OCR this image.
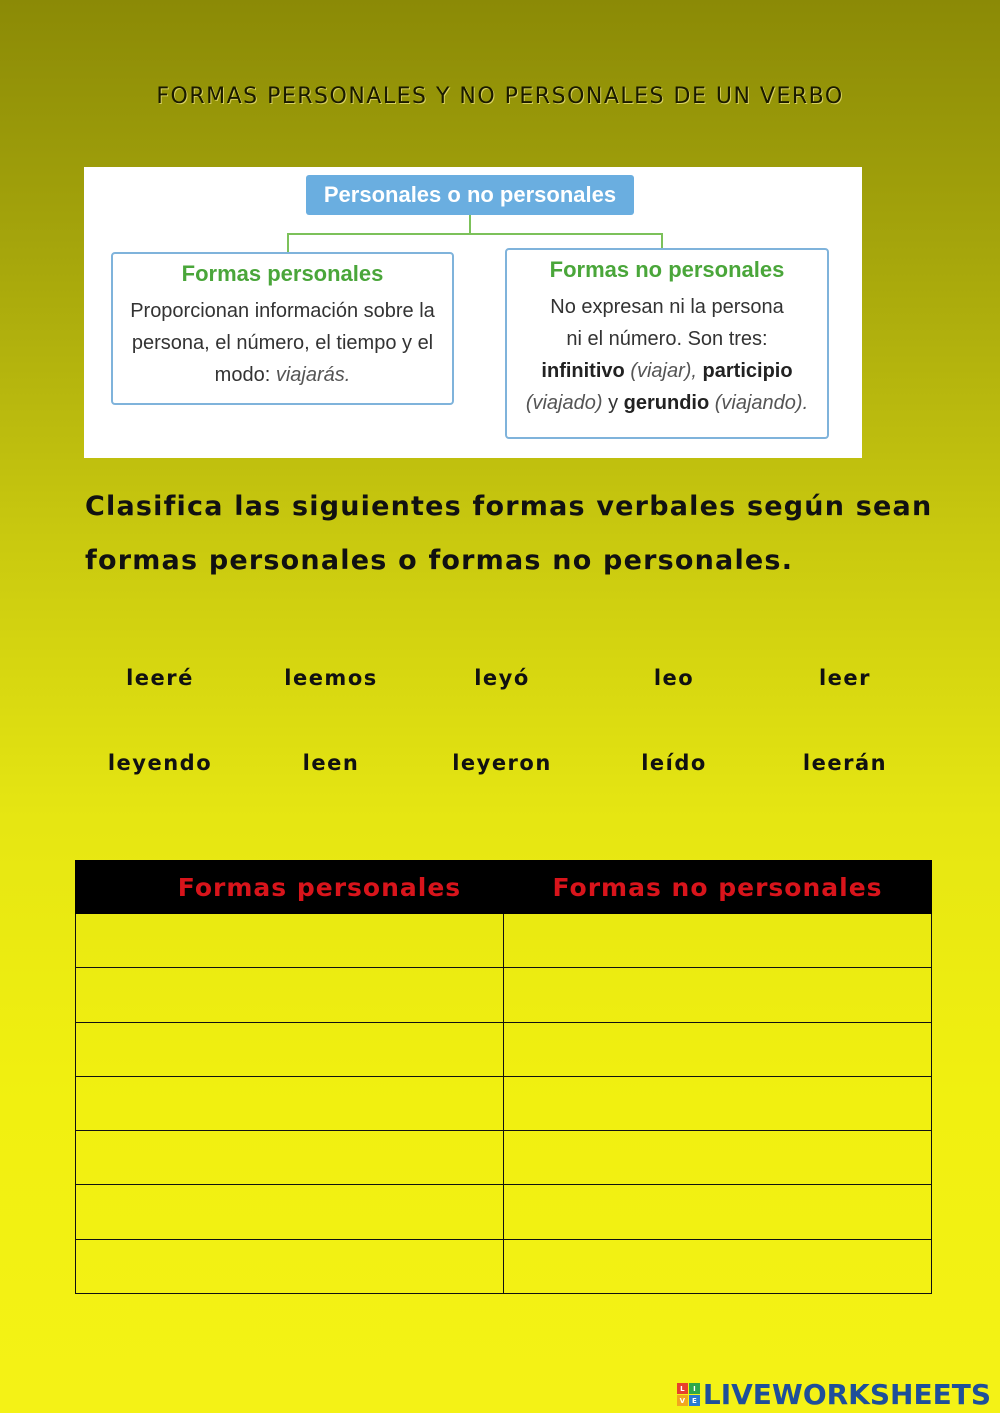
FORMAS PERSONALES Y NO PERSONALES DE UN VERBO
Personales o no personales
Formas personales

Proporcionan información sobre la
persona, el número, el tiempo y el
modo: viajarás.

Formas no personales

No expresan ni la persona
ni el número. Son tres:
infinitivo (viajar), participio
(viajado) y gerundio (viajando).

Clasifica las siguientes formas verbales según sean
formas personales o formas no personales.
leeré	leemos	leyó	leo	leer
leyendo	leen	leyeron	leído	leerán
Formas personales	Formas no personales

L	I
V E LIVEWORKSHEETS
